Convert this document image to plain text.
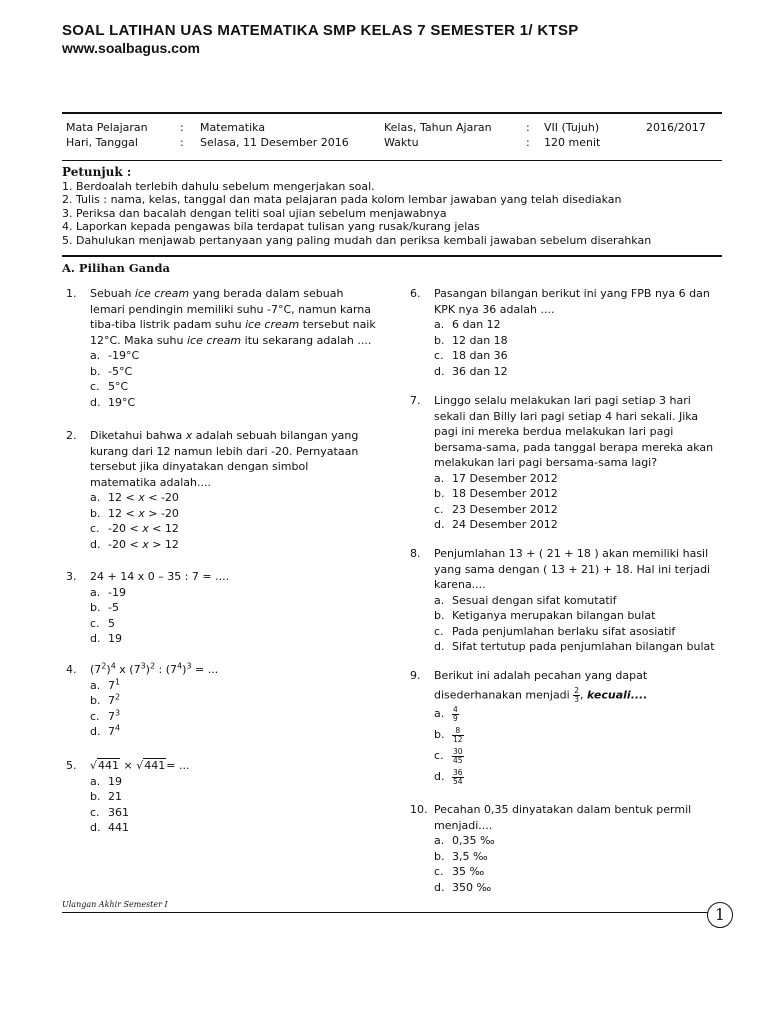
SOAL LATIHAN UAS MATEMATIKA SMP KELAS 7 SEMESTER 1/ KTSP
www.soalbagus.com
Mata Pelajaran	: Matematika	Kelas, Tahun Ajaran	: VII (Tujuh)	2016/2017
Hari, Tanggal	: Selasa, 11 Desember 2016	Waktu	: 120 menit
Petunjuk :
1. Berdoalah terlebih dahulu sebelum mengerjakan soal.
2. Tulis : nama, kelas, tanggal dan mata pelajaran pada kolom lembar jawaban yang telah disediakan
3. Periksa dan bacalah dengan teliti soal ujian sebelum menjawabnya
4. Laporkan kepada pengawas bila terdapat tulisan yang rusak/kurang jelas
5. Dahulukan menjawab pertanyaan yang paling mudah dan periksa kembali jawaban sebelum diserahkan
A. Pilihan Ganda
1. Sebuah ice cream yang berada dalam sebuah
lemari pendingin memiliki suhu -7°C, namun karna
tiba-tiba listrik padam suhu ice cream tersebut naik
12°C. Maka suhu ice cream itu sekarang adalah ....
a. -19°C
b. -5°C
c. 5°C
d. 19°C
2. Diketahui bahwa x adalah sebuah bilangan yang
kurang dari 12 namun lebih dari -20. Pernyataan
tersebut jika dinyatakan dengan simbol
matematika adalah....
a. 12 < x < -20
b. 12 < x > -20
c. -20 < x < 12
d. -20 < x > 12
3. 24 + 14 x 0 – 35 : 7 = ....
a. -19
b. -5
c. 5
d. 19
4. $(7^2)^4$ x $(7^3)^2$ : $(7^4)^3$ = ...
a. $7^1$
b. $7^2$
c. $7^3$
d. $7^4$
5. √441 × √441= ...
a. 19
b. 21
c. 361
d. 441
6. Pasangan bilangan berikut ini yang FPB nya 6 dan
KPK nya 36 adalah ....
a. 6 dan 12
b. 12 dan 18
c. 18 dan 36
d. 36 dan 12
7. Linggo selalu melakukan lari pagi setiap 3 hari
sekali dan Billy lari pagi setiap 4 hari sekali. Jika
pagi ini mereka berdua melakukan lari pagi
bersama-sama, pada tanggal berapa mereka akan
melakukan lari pagi bersama-sama lagi?
a. 17 Desember 2012
b. 18 Desember 2012
c. 23 Desember 2012
d. 24 Desember 2012
8. Penjumlahan 13 + ( 21 + 18 ) akan memiliki hasil
yang sama dengan ( 13 + 21) + 18. Hal ini terjadi
karena....
a. Sesuai dengan sifat komutatif
b. Ketiganya merupakan bilangan bulat
c. Pada penjumlahan berlaku sifat asosiatif
d. Sifat tertutup pada penjumlahan bilangan bulat
9. Berikut ini adalah pecahan yang dapat
disederhanakan menjadi $\frac{2}{3}$ , kecuali....
a. $\frac{4}{9}$
b. $\frac{8}{12}$
c. $\frac{30}{45}$
d. $\frac{36}{54}$
10. Pecahan 0,35 dinyatakan dalam bentuk permil
menjadi....
a. 0,35 ‰
b. 3,5 ‰
c. 35 ‰
d. 350 ‰
Ulangan Akhir Semester I
1
